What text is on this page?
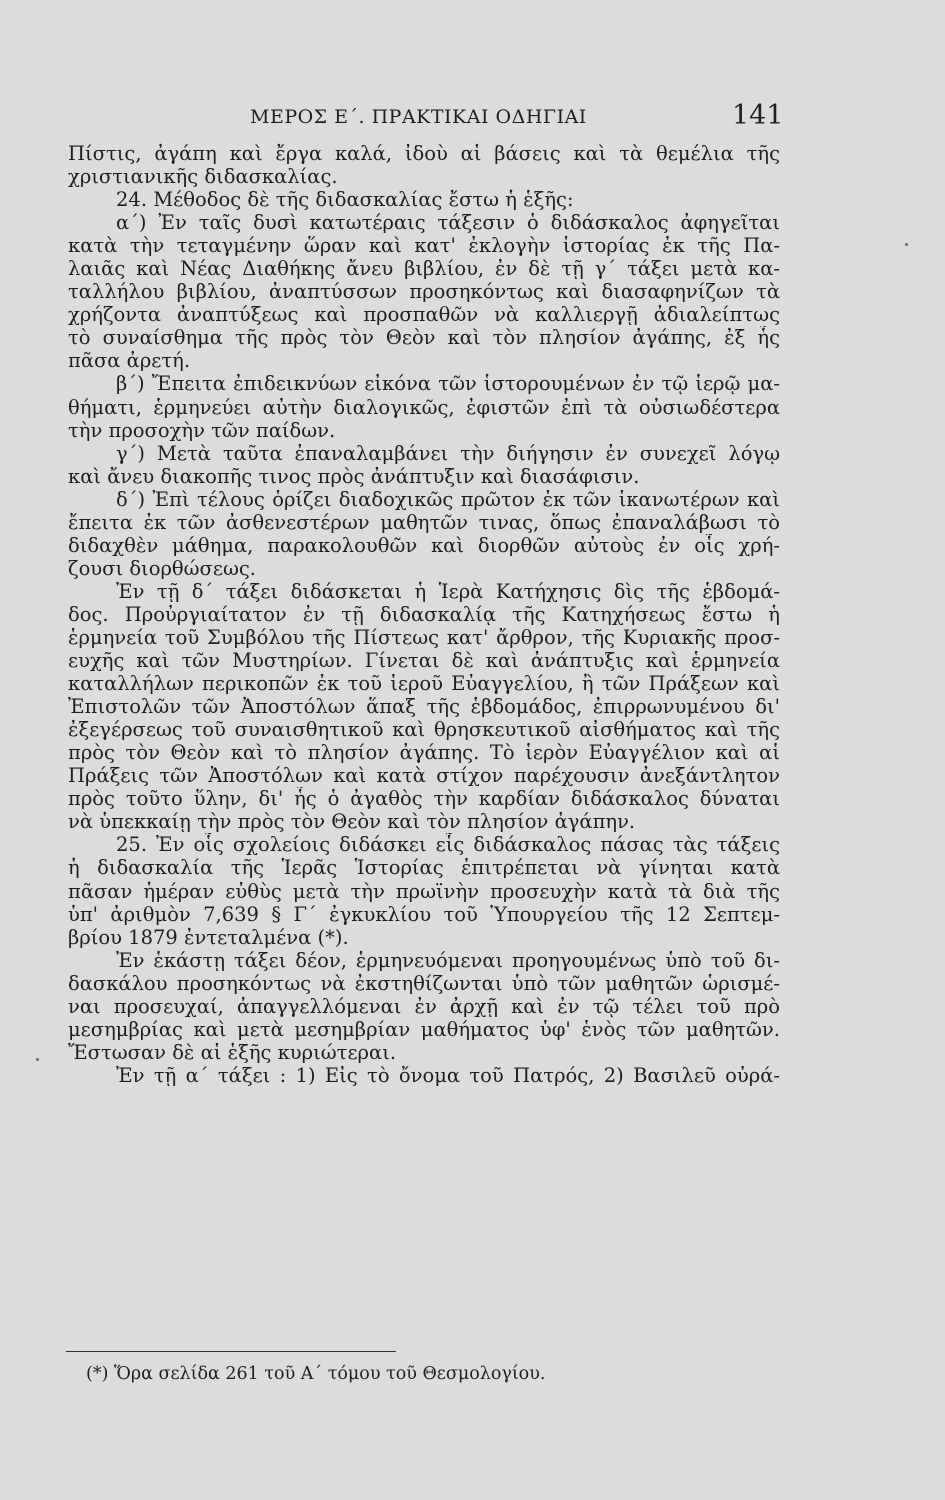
ΜΕΡΟΣ Ε΄. ΠΡΑΚΤΙΚΑΙ ΟΔΗΓΙΑΙ	141
Πίστις, ἀγάπη καὶ ἔργα καλά, ἰδοὺ αἱ βάσεις καὶ τὰ θεμέλια τῆς
χριστιανικῆς διδασκαλίας.
24. Μέθοδος δὲ τῆς διδασκαλίας ἔστω ἡ ἑξῆς:
α΄) Ἐν ταῖς δυσὶ κατωτέραις τάξεσιν ὁ διδάσκαλος ἀφηγεῖται
κατὰ τὴν τεταγμένην ὥραν καὶ κατ' ἐκλογὴν ἱστορίας ἐκ τῆς Πα-
λαιᾶς καὶ Νέας Διαθήκης ἄνευ βιβλίου, ἐν δὲ τῇ γ΄ τάξει μετὰ κα-
ταλλήλου βιβλίου, ἀναπτύσσων προσηκόντως καὶ διασαφηνίζων τὰ
χρήζοντα ἀναπτύξεως καὶ προσπαθῶν νὰ καλλιεργῇ ἀδιαλείπτως
τὸ συναίσθημα τῆς πρὸς τὸν Θεὸν καὶ τὸν πλησίον ἀγάπης, ἐξ ἧς
πᾶσα ἀρετή.
β΄) Ἔπειτα ἐπιδεικνύων εἰκόνα τῶν ἱστορουμένων ἐν τῷ ἱερῷ μα-
θήματι, ἑρμηνεύει αὐτὴν διαλογικῶς, ἐφιστῶν ἐπὶ τὰ οὐσιωδέστερα
τὴν προσοχὴν τῶν παίδων.
γ΄) Μετὰ ταῦτα ἐπαναλαμβάνει τὴν διήγησιν ἐν συνεχεῖ λόγῳ
καὶ ἄνευ διακοπῆς τινος πρὸς ἀνάπτυξιν καὶ διασάφισιν.
δ΄) Ἐπὶ τέλους ὁρίζει διαδοχικῶς πρῶτον ἐκ τῶν ἱκανωτέρων καὶ
ἔπειτα ἐκ τῶν ἀσθενεστέρων μαθητῶν τινας, ὅπως ἐπαναλάβωσι τὸ
διδαχθὲν μάθημα, παρακολουθῶν καὶ διορθῶν αὐτοὺς ἐν οἷς χρή-
ζουσι διορθώσεως.
Ἐν τῇ δ΄ τάξει διδάσκεται ἡ Ἱερὰ Κατήχησις δὶς τῆς ἑβδομά-
δος. Προὐργιαίτατον ἐν τῇ διδασκαλίᾳ τῆς Κατηχήσεως ἔστω ἡ
ἑρμηνεία τοῦ Συμβόλου τῆς Πίστεως κατ' ἄρθρον, τῆς Κυριακῆς προσ-
ευχῆς καὶ τῶν Μυστηρίων. Γίνεται δὲ καὶ ἀνάπτυξις καὶ ἑρμηνεία
καταλλήλων περικοπῶν ἐκ τοῦ ἱεροῦ Εὐαγγελίου, ἢ τῶν Πράξεων καὶ
Ἐπιστολῶν τῶν Ἀποστόλων ἅπαξ τῆς ἑβδομάδος, ἐπιρρωνυμένου δι'
ἐξεγέρσεως τοῦ συναισθητικοῦ καὶ θρησκευτικοῦ αἰσθήματος καὶ τῆς
πρὸς τὸν Θεὸν καὶ τὸ πλησίον ἀγάπης. Τὸ ἱερὸν Εὐαγγέλιον καὶ αἱ
Πράξεις τῶν Ἀποστόλων καὶ κατὰ στίχον παρέχουσιν ἀνεξάντλητον
πρὸς τοῦτο ὕλην, δι' ἧς ὁ ἀγαθὸς τὴν καρδίαν διδάσκαλος δύναται
νὰ ὑπεκκαίῃ τὴν πρὸς τὸν Θεὸν καὶ τὸν πλησίον ἀγάπην.
25. Ἐν οἷς σχολείοις διδάσκει εἷς διδάσκαλος πάσας τὰς τάξεις
ἡ διδασκαλία τῆς Ἱερᾶς Ἱστορίας ἐπιτρέπεται νὰ γίνηται κατὰ
πᾶσαν ἡμέραν εὐθὺς μετὰ τὴν πρωϊνὴν προσευχὴν κατὰ τὰ διὰ τῆς
ὑπ' ἀριθμὸν 7,639 § Γ΄ ἐγκυκλίου τοῦ Ὑπουργείου τῆς 12 Σεπτεμ-
βρίου 1879 ἐντεταλμένα (*).
Ἐν ἑκάστῃ τάξει δέον, ἑρμηνευόμεναι προηγουμένως ὑπὸ τοῦ δι-
δασκάλου προσηκόντως νὰ ἐκστηθίζωνται ὑπὸ τῶν μαθητῶν ὡρισμέ-
ναι προσευχαί, ἀπαγγελλόμεναι ἐν ἀρχῇ καὶ ἐν τῷ τέλει τοῦ πρὸ
μεσημβρίας καὶ μετὰ μεσημβρίαν μαθήματος ὑφ' ἑνὸς τῶν μαθητῶν.
Ἔστωσαν δὲ αἱ ἑξῆς κυριώτεραι.
Ἐν τῇ α΄ τάξει : 1) Εἰς τὸ ὄνομα τοῦ Πατρός, 2) Βασιλεῦ οὐρά-
(*) Ὅρα σελίδα 261 τοῦ Α΄ τόμου τοῦ Θεσμολογίου.
